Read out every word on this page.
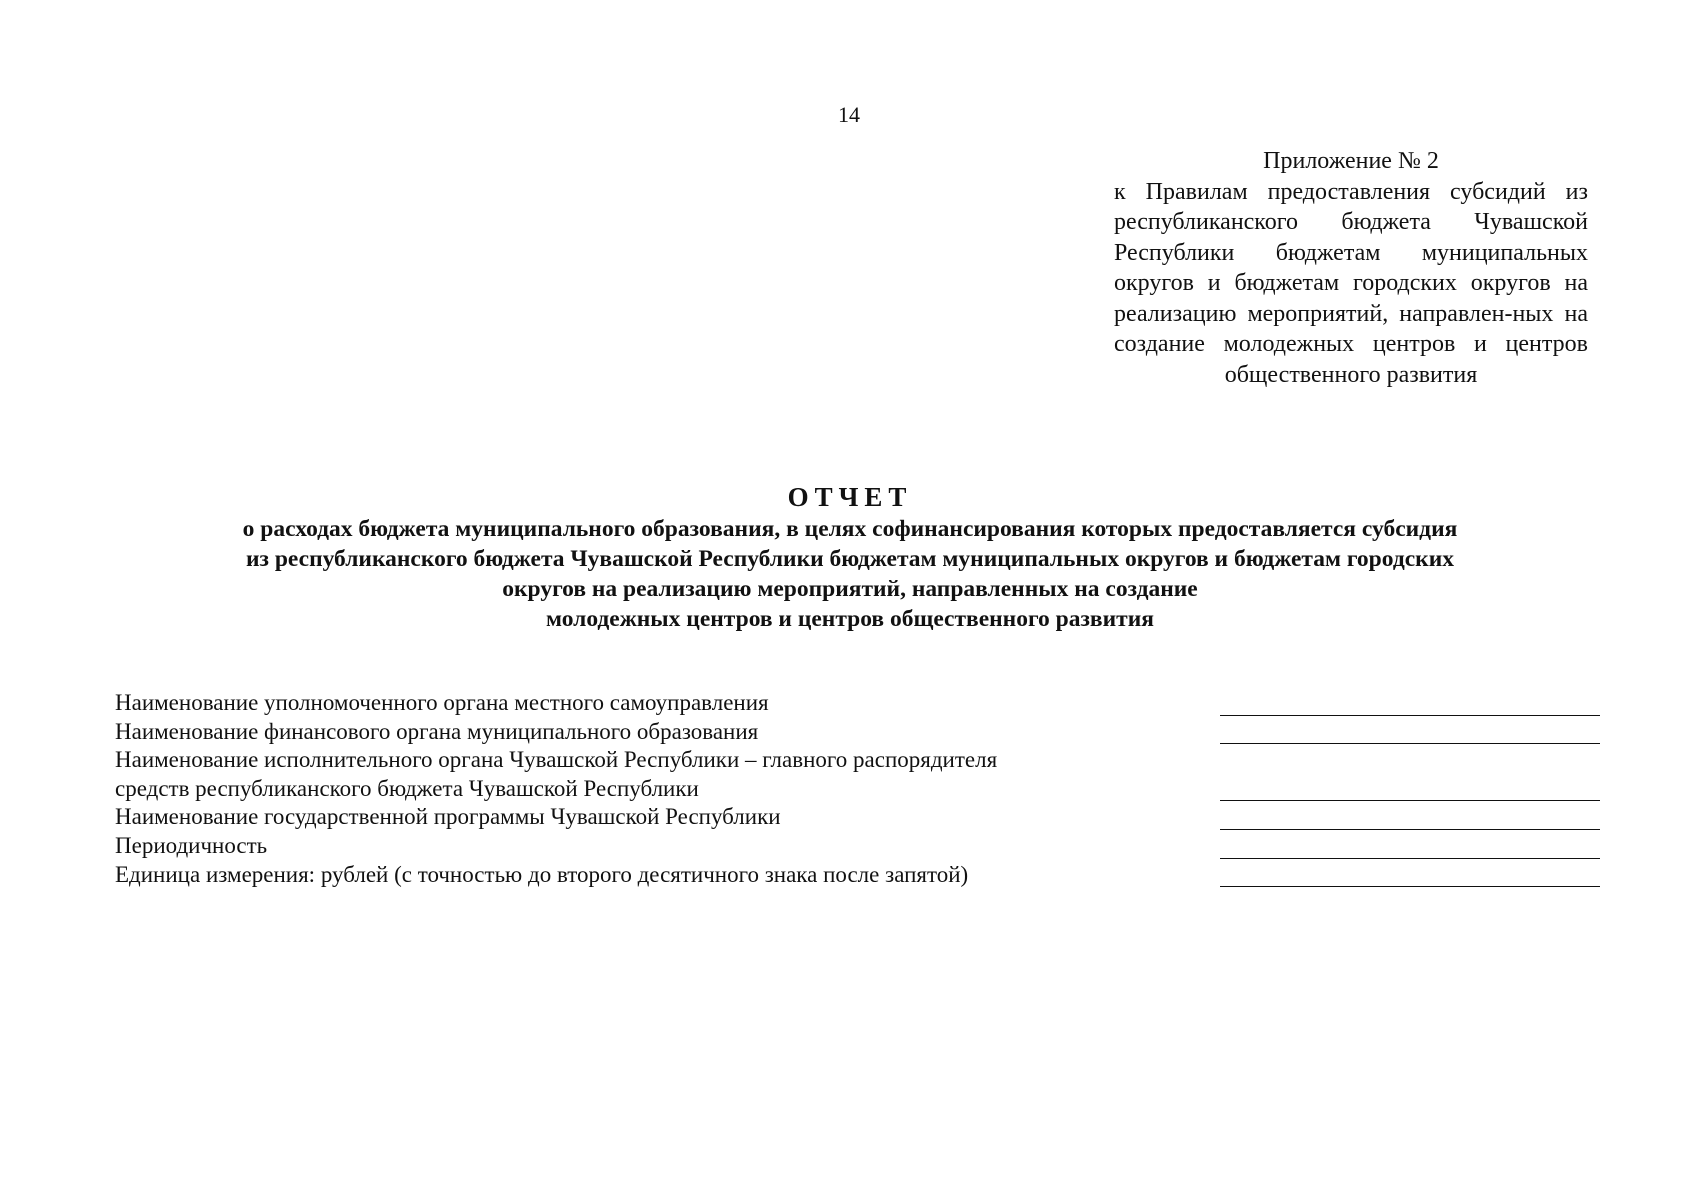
14
Приложение № 2
к Правилам предоставления субсидий из республиканского бюджета Чувашской Республики бюджетам муниципальных округов и бюджетам городских округов на реализацию мероприятий, направлен-ных на создание молодежных центров и центров общественного развития
ОТЧЕТ
о расходах бюджета муниципального образования, в целях софинансирования которых предоставляется субсидия
из республиканского бюджета Чувашской Республики бюджетам муниципальных округов и бюджетам городских
округов на реализацию мероприятий, направленных на создание
молодежных центров и центров общественного развития
Наименование уполномоченного органа местного самоуправления
Наименование финансового органа муниципального образования
Наименование исполнительного органа Чувашской Республики – главного распорядителя
средств республиканского бюджета Чувашской Республики
Наименование государственной программы Чувашской Республики
Периодичность
Единица измерения: рублей (с точностью до второго десятичного знака после запятой)
